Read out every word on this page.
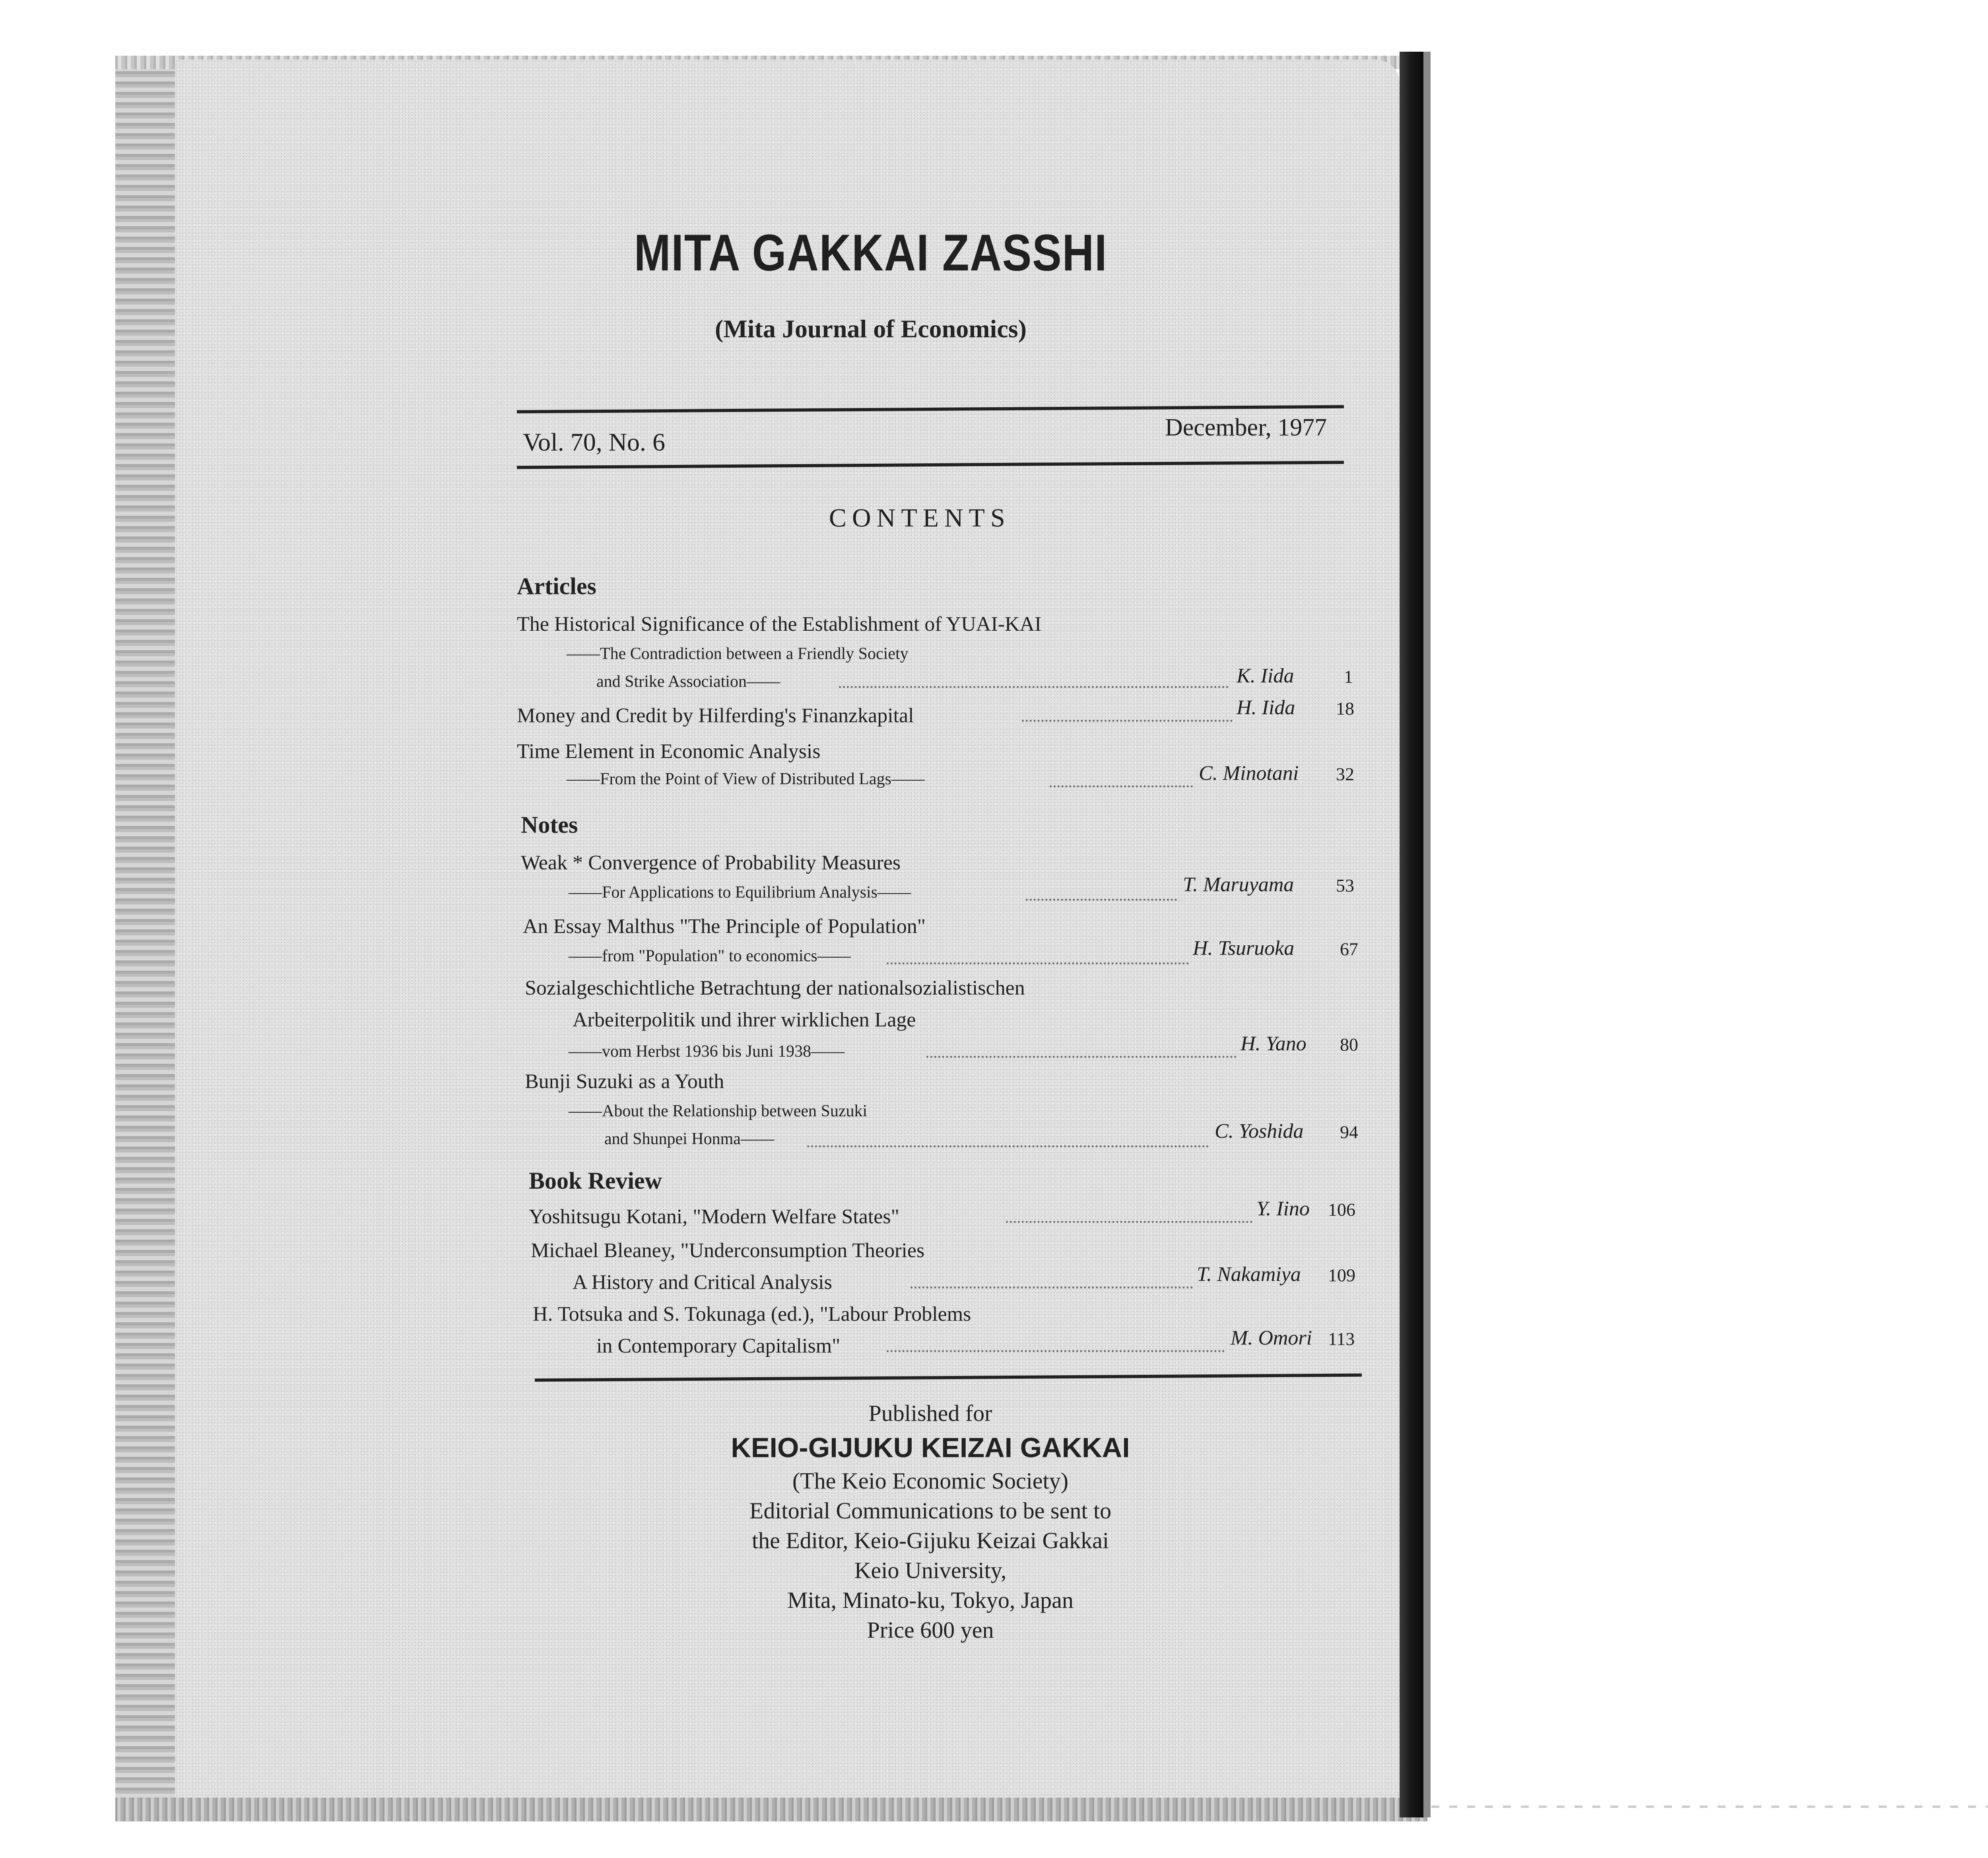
MITA GAKKAI ZASSHI
(Mita Journal of Economics)
Vol. 70, No. 6
December, 1977
CONTENTS
Articles
The Historical Significance of the Establishment of YUAI-KAI
——The Contradiction between a Friendly Society
and Strike Association——	K. Iida	1
Money and Credit by Hilferding's Finanzkapital	H. Iida 18
Time Element in Economic Analysis
——From the Point of View of Distributed Lags——	C. Minotani 32
Notes
Weak * Convergence of Probability Measures
——For Applications to Equilibrium Analysis——	T. Maruyama 53
An Essay Malthus "The Principle of Population"
——from "Population" to economics——	H. Tsuruoka 67
Sozialgeschichtliche Betrachtung der nationalsozialistischen
Arbeiterpolitik und ihrer wirklichen Lage
——vom Herbst 1936 bis Juni 1938——	H. Yano 80
Bunji Suzuki as a Youth
——About the Relationship between Suzuki
and Shunpei Honma——	C. Yoshida 94
Book Review
Yoshitsugu Kotani, "Modern Welfare States"	Y. Iino 106
Michael Bleaney, "Underconsumption Theories
A History and Critical Analysis	T. Nakamiya 109
H. Totsuka and S. Tokunaga (ed.), "Labour Problems
in Contemporary Capitalism"	M. Omori 113
Published for
KEIO-GIJUKU KEIZAI GAKKAI
(The Keio Economic Society)
Editorial Communications to be sent to
the Editor, Keio-Gijuku Keizai Gakkai
Keio University,
Mita, Minato-ku, Tokyo, Japan
Price 600 yen
